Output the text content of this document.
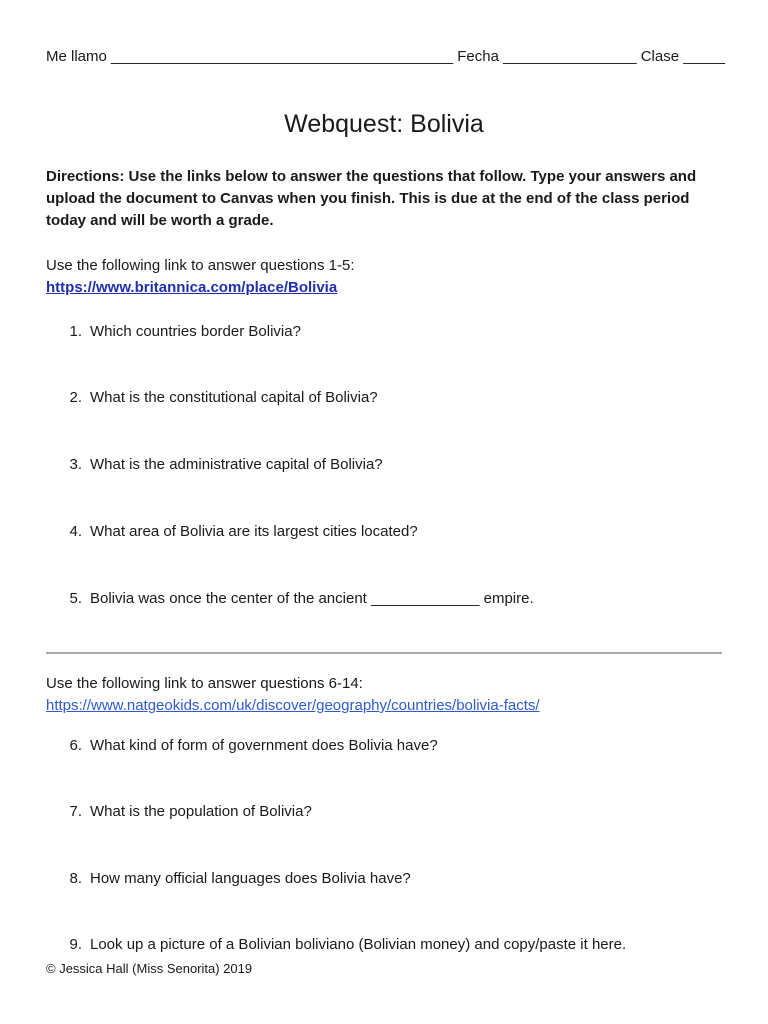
Me llamo _________________________________________ Fecha ________________ Clase _____
Webquest: Bolivia
Directions: Use the links below to answer the questions that follow. Type your answers and upload the document to Canvas when you finish. This is due at the end of the class period today and will be worth a grade.
Use the following link to answer questions 1-5:
https://www.britannica.com/place/Bolivia
1. Which countries border Bolivia?
2. What is the constitutional capital of Bolivia?
3. What is the administrative capital of Bolivia?
4. What area of Bolivia are its largest cities located?
5. Bolivia was once the center of the ancient _____________ empire.
Use the following link to answer questions 6-14:
https://www.natgeokids.com/uk/discover/geography/countries/bolivia-facts/
6. What kind of form of government does Bolivia have?
7. What is the population of Bolivia?
8. How many official languages does Bolivia have?
9. Look up a picture of a Bolivian boliviano (Bolivian money) and copy/paste it here.
© Jessica Hall (Miss Senorita) 2019
